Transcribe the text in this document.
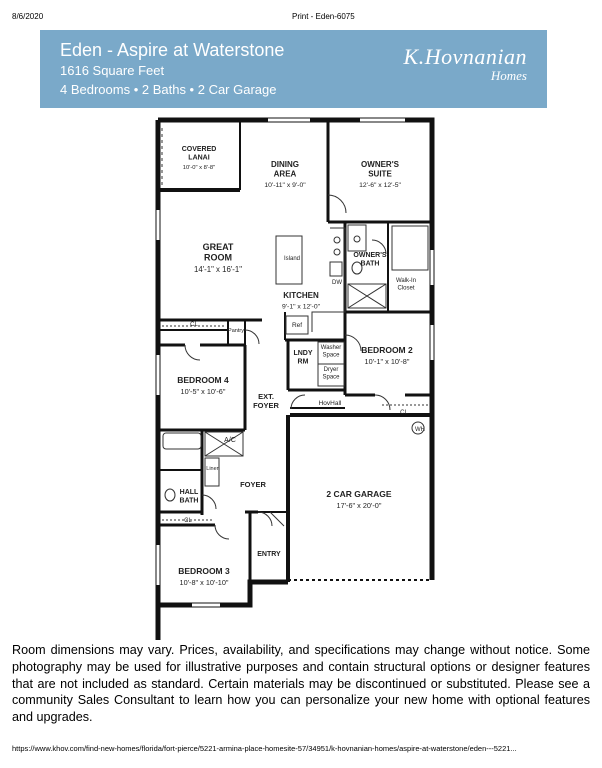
8/6/2020	Print - Eden-6075
Eden - Aspire at Waterstone
1616 Square Feet
4 Bedrooms • 2 Baths • 2 Car Garage
K.Hovnanian
Homes
COVERED
LANAI
10'-0" x 8'-8"	DINING
AREA
10'-11" x 9'-0"
OWNER'S
SUITE
12'-6" x 12'-5"
GREAT
ROOM
14'-1" x 16'-1"
OWNER'S
BATH
KITCHEN
9'-1" x 12'-0"
BEDROOM 2
10'-1" x 10'-8"
BEDROOM 4
10'-5" x 10'-6"
2 CAR GARAGE
17'-6" x 20'-0"
BEDROOM 3
10'-8" x 10'-10"
Island
DW	Walk-In
Closet
Ref
LNDY
RM
Washer
Space
Dryer
Space
Pantry
CL
EXT.
FOYER	HovHall
WH
A/C
Linen
FOYER
HALL
BATH
ENTRY
CL
CL
Room dimensions may vary. Prices, availability, and specifications may change without notice. Some photography may be used for illustrative purposes and contain structural options or designer features that are not included as standard. Certain materials may be discontinued or substituted. Please see a community Sales Consultant to learn how you can personalize your new home with optional features and upgrades.
https://www.khov.com/find-new-homes/florida/fort-pierce/5221-armina-place-homesite-57/34951/k-hovnanian-homes/aspire-at-waterstone/eden---5221...
